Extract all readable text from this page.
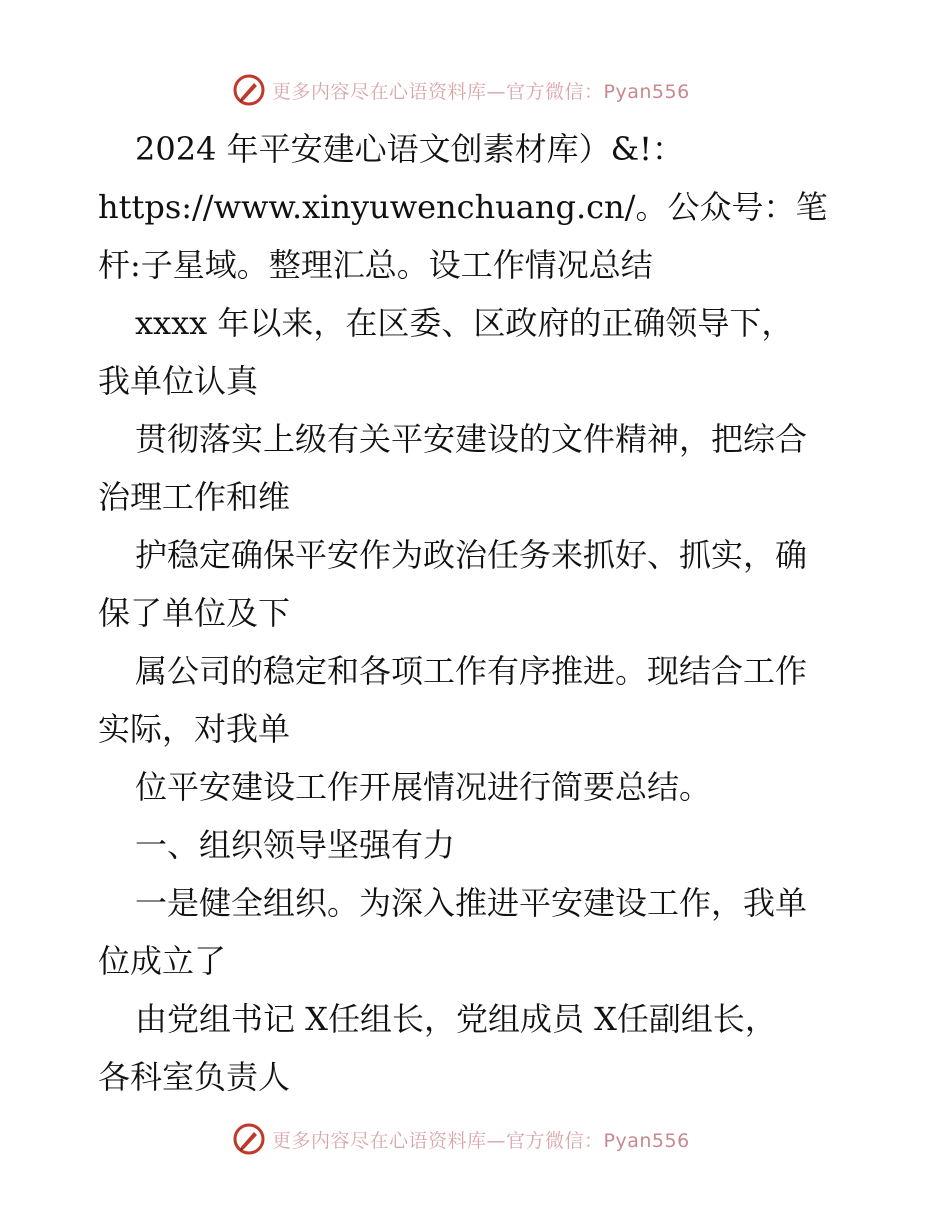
更多内容尽在心语资料库—官方微信：Pyan556
2024 年平安建心语文创素材库）&!：
https://www.xinyuwenchuang.cn/。公众号：笔
杆:子星域。整理汇总。设工作情况总结
xxxx 年以来，在区委、区政府的正确领导下，
我单位认真
贯彻落实上级有关平安建设的文件精神，把综合
治理工作和维
护稳定确保平安作为政治任务来抓好、抓实，确
保了单位及下
属公司的稳定和各项工作有序推进。现结合工作
实际，对我单
位平安建设工作开展情况进行简要总结。
一、组织领导坚强有力
一是健全组织。为深入推进平安建设工作，我单
位成立了
由党组书记 X任组长，党组成员 X任副组长，
各科室负责人
更多内容尽在心语资料库—官方微信：Pyan556
